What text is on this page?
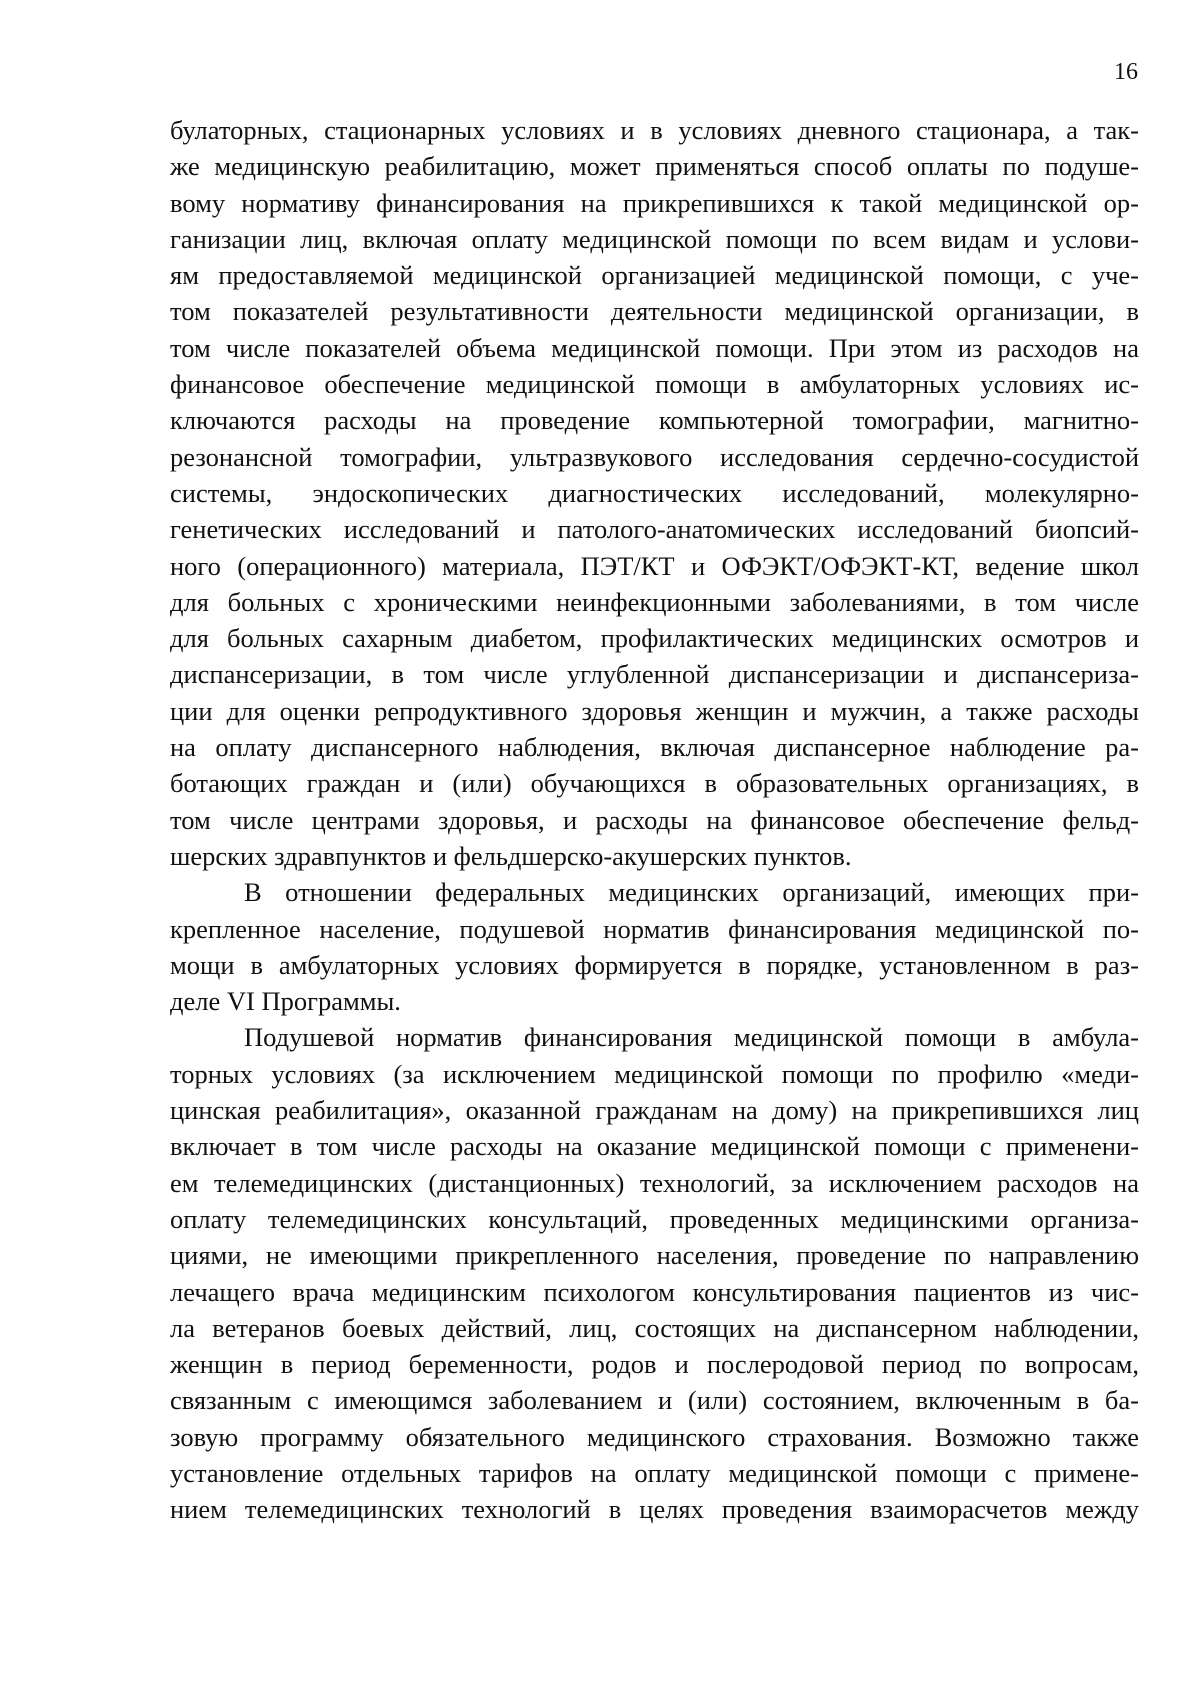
16
булаторных, стационарных условиях и в условиях дневного стационара, а так-
же медицинскую реабилитацию, может применяться способ оплаты по подуше-
вому нормативу финансирования на прикрепившихся к такой медицинской ор-
ганизации лиц, включая оплату медицинской помощи по всем видам и услови-
ям предоставляемой медицинской организацией медицинской помощи, с уче-
том показателей результативности деятельности медицинской организации, в
том числе показателей объема медицинской помощи. При этом из расходов на
финансовое обеспечение медицинской помощи в амбулаторных условиях ис-
ключаются расходы на проведение компьютерной томографии, магнитно-
резонансной томографии, ультразвукового исследования сердечно-сосудистой
системы, эндоскопических диагностических исследований, молекулярно-
генетических исследований и патолого-анатомических исследований биопсий-
ного (операционного) материала, ПЭТ/КТ и ОФЭКТ/ОФЭКТ-КТ, ведение школ
для больных с хроническими неинфекционными заболеваниями, в том числе
для больных сахарным диабетом, профилактических медицинских осмотров и
диспансеризации, в том числе углубленной диспансеризации и диспансериза-
ции для оценки репродуктивного здоровья женщин и мужчин, а также расходы
на оплату диспансерного наблюдения, включая диспансерное наблюдение ра-
ботающих граждан и (или) обучающихся в образовательных организациях, в
том числе центрами здоровья, и расходы на финансовое обеспечение фельд-
шерских здравпунктов и фельдшерско-акушерских пунктов.
В отношении федеральных медицинских организаций, имеющих при-
крепленное население, подушевой норматив финансирования медицинской по-
мощи в амбулаторных условиях формируется в порядке, установленном в раз-
деле VI Программы.
Подушевой норматив финансирования медицинской помощи в амбула-
торных условиях (за исключением медицинской помощи по профилю «меди-
цинская реабилитация», оказанной гражданам на дому) на прикрепившихся лиц
включает в том числе расходы на оказание медицинской помощи с применени-
ем телемедицинских (дистанционных) технологий, за исключением расходов на
оплату телемедицинских консультаций, проведенных медицинскими организа-
циями, не имеющими прикрепленного населения, проведение по направлению
лечащего врача медицинским психологом консультирования пациентов из чис-
ла ветеранов боевых действий, лиц, состоящих на диспансерном наблюдении,
женщин в период беременности, родов и послеродовой период по вопросам,
связанным с имеющимся заболеванием и (или) состоянием, включенным в ба-
зовую программу обязательного медицинского страхования. Возможно также
установление отдельных тарифов на оплату медицинской помощи с примене-
нием телемедицинских технологий в целях проведения взаиморасчетов между
